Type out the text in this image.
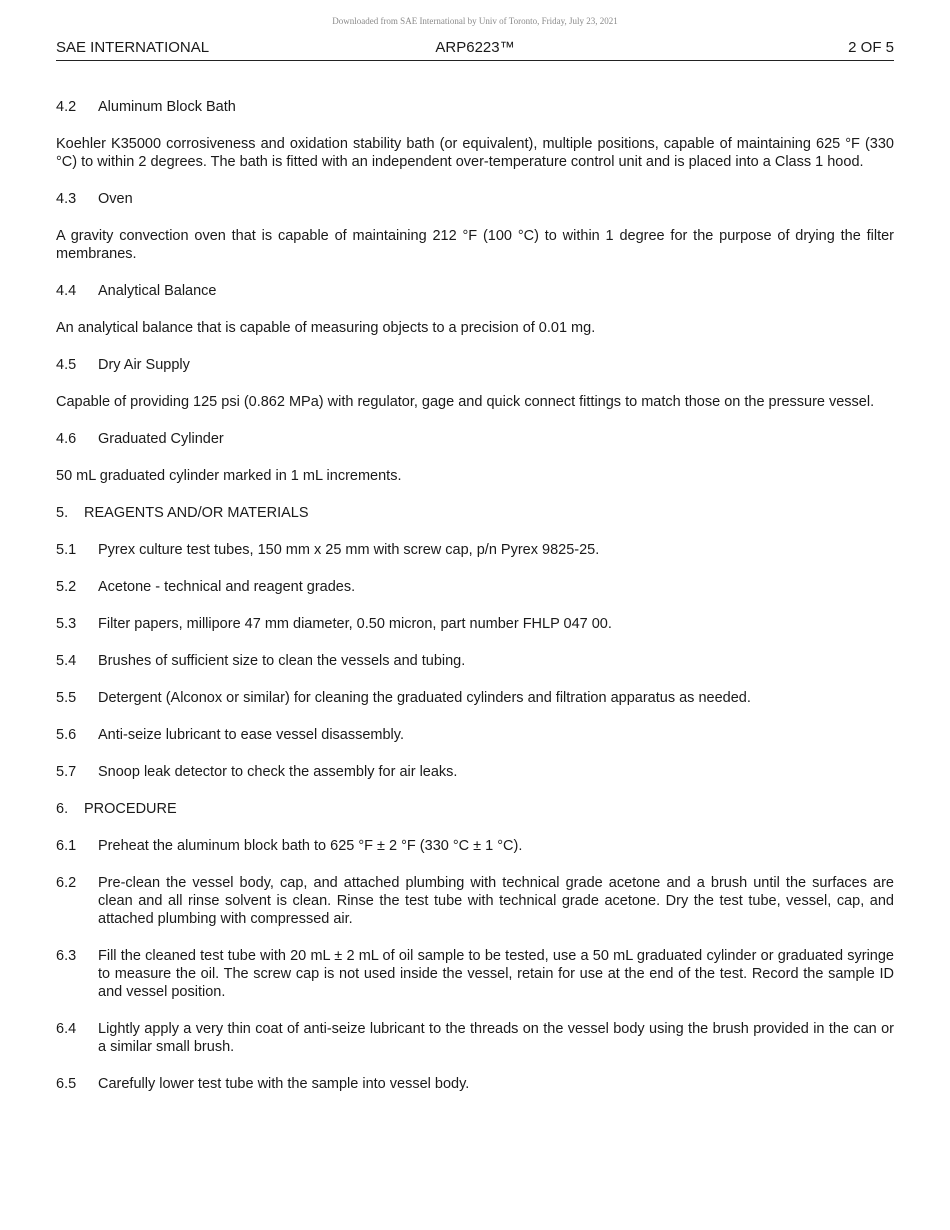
Downloaded from SAE International by Univ of Toronto, Friday, July 23, 2021
ARP6223™
SAE INTERNATIONAL	2 OF 5
4.2	Aluminum Block Bath

Koehler K35000 corrosiveness and oxidation stability bath (or equivalent), multiple positions, capable of maintaining 625 °F (330 °C) to within 2 degrees. The bath is fitted with an independent over-temperature control unit and is placed into a Class 1 hood.

4.3	Oven

A gravity convection oven that is capable of maintaining 212 °F (100 °C) to within 1 degree for the purpose of drying the filter membranes.

4.4	Analytical Balance

An analytical balance that is capable of measuring objects to a precision of 0.01 mg.

4.5	Dry Air Supply

Capable of providing 125 psi (0.862 MPa) with regulator, gage and quick connect fittings to match those on the pressure vessel.

4.6	Graduated Cylinder

50 mL graduated cylinder marked in 1 mL increments.

5.	REAGENTS AND/OR MATERIALS
5.1	Pyrex culture test tubes, 150 mm x 25 mm with screw cap, p/n Pyrex 9825-25.
5.2	Acetone - technical and reagent grades.
5.3	Filter papers, millipore 47 mm diameter, 0.50 micron, part number FHLP 047 00.
5.4	Brushes of sufficient size to clean the vessels and tubing.
5.5	Detergent (Alconox or similar) for cleaning the graduated cylinders and filtration apparatus as needed.
5.6	Anti-seize lubricant to ease vessel disassembly.
5.7	Snoop leak detector to check the assembly for air leaks.
6.	PROCEDURE
6.1	Preheat the aluminum block bath to 625 °F ± 2 °F (330 °C ± 1 °C).
6.2	Pre-clean the vessel body, cap, and attached plumbing with technical grade acetone and a brush until the surfaces are clean and all rinse solvent is clean. Rinse the test tube with technical grade acetone. Dry the test tube, vessel, cap, and attached plumbing with compressed air.
6.3	Fill the cleaned test tube with 20 mL ± 2 mL of oil sample to be tested, use a 50 mL graduated cylinder or graduated syringe to measure the oil. The screw cap is not used inside the vessel, retain for use at the end of the test. Record the sample ID and vessel position.
6.4	Lightly apply a very thin coat of anti-seize lubricant to the threads on the vessel body using the brush provided in the can or a similar small brush.
6.5	Carefully lower test tube with the sample into vessel body.
